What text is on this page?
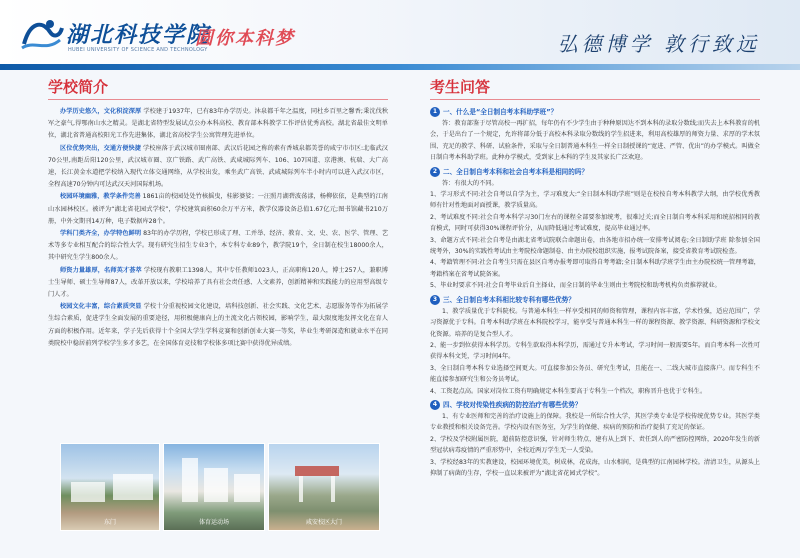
湖北科技学院
HUBEI UNIVERSITY OF SCIENCE AND TECHNOLOGY
圆你本科梦	弘德博学 敦行致远
学校简介

办学历史悠久，文化积淀深厚 学校建于1937年，已有83年办学历史。沐泉都千年之温度，同杜乡百里之馨香;秉沈伐秋军之豪气,得鄂南山水之精灵。是湖北省特型发展试点公办本科高校、教育部本科教学工作评估优秀高校。湖北省最佳文明单位，湖北省普通高校阳光工作先进集体，湖北省高校学生公寓管理先进单位。

区位优势突出，交通方便快捷 学校座落于武汉城市圈南部、武汉后花园之称的素有香城泉都美誉的咸宁市市区:北临武汉70公里,南距岳阳120公里，武汉城市圈、京广铁路、武广高铁、武咸城际列车、106、107国道、京港澳、杭瑞、大广高速，长江黄金水道把学校纳入现代立体交通网络，从学校出发，乘坐武广高铁、武咸城际列车半小时内可以进入武汉市区，全程高速70分钟内可达武汉天河国际机场。

校园环境幽雅，教学条件完善 1861亩的校园处处竹核摇曳，桂影婆娑；一汪照月湖碧波荡漾，杨柳依依，是典型的江南山水园林校区。被评为“湖北省花园式学校”，学校建筑面积60余万平方米，教学仪器设备总值1.67亿元;图书馆藏书210万册，中外文期刊14万种，电子数据库28个。

学科门类齐全，办学特色鲜明 83年的办学历程，学校已形成了理、工并举、经济、教育、文、史、农、医学、管理、艺术等多专业相互配合的综合性大学。现有研究生招生专业3个，本专科专业89个，教学院19个，全日制在校生18000余人，其中研究生学生800余人。

师资力量雄厚，名师英才荟萃 学校现有教职工1398人，其中专任教师1023人，正高职称120人，博士257人，兼职博士生导师、硕士生导师87人，改革开放以来，学校培养了具有社会责任感、人文素养，创新精神和实践能力的应用型高级专门人才。

校园文化丰富，综合素质突显 学校十分重视校园文化建设，培科技创新、社会实践、文化艺术、志愿服务等作为拓展学生综合素质，促进学生全面发展的重要途径，用积极健康向上的主流文化占领校园，影响学生，最大限度地发挥文化在育人方面的积极作用。近年来，学子先后获得十个全国大学生学科竞赛和创新创业大赛一等奖，毕业生考研深造和就业水平在同类院校中稳居前列学校学生多才多艺，在全国体育竞技和学校体多项比赛中获得优异成绩。

东门	体育运动场	咸安校区大门
考生问答
1 一、什么是“全日制自考本科助学班”？
答：教育部鉴于尽管高校一再扩招，每年仍有不少学生由于种种原因达不到本科的录取分数线;而失去上本科教育的机会，于是出台了一个规定，允许将部分低于高校本科录取分数线的学生招进来，利用高校雄厚的师资力量、求厚的学术氛围、充足的教学、科研、试验条件，采取与全日制普通本科生一样全日制授课的“宽进、严管、优出”的办学模式。叫做全日制自考本科助学班。此种办学模式，受到家上本科的学生及其家长广泛欢迎。
2 二、全日制自考本科和社会自考本科是相同的吗？
答：有很大的不同。
1、学习形式不同:社会自考以自学为主，学习难度大:“全日制本科助学班”则是在校按自考本科教学大纲，由学校优秀教师有针对性地面对面授课，教学质量高。
2、考试难度不同:社会自考本科学习30门左右的课程全部要参加统考，很难过关;而全日制自考本科采用和统招相同的教育模式，同时可获得30%课程评价分，从而降低通过考试难度，提高毕业通过率。
3、命题方式不同:社会自考是由湖北省考试院联合命题出卷，由各地市招办统一安排考试阅卷;全日制助学班 除参加全国统考外，30%的实践性考试由主考院校命题制卷、由主办院校组织实施，报考试院备案，接受省教育考试院检查。
4、考籍管理不同:社会自考生只需在县区自考办报考即可取得自考考籍;全日制本科助学班学生由主办院校统一管理考籍，考籍档案在省考试院备案。
5、毕业时要求不同:社会自考毕业后自主择业，而全日制的毕业生则由主考院校和助考机构负责推荐就业。
3 三、全日制自考本科相比较专科有哪些优势？
1、教学质量优于专科院校。与普通本科生一样享受相同的师资和管理，课程内容丰富，学术性强，适应范围广，学习资源优于专科。自考本科助学班在本科院校学习，能享受与普通本科生一样的课程资源、教学资源、科研资源和学校文化资源。培养的是复合型人才。
2、能一步到位获得本科学历。专科生欲取得本科学历，需通过专升本考试，学习时间一般需要5年。而自考本科一次性可获得本科文凭，学习时间4年。
3、全日制自考本科专业选择空间更大。可直接参加公务员、研究生考试，且能在一、二线大城市直接落户。而专科生不能直接参加研究生和公务员考试。
4、工资起点高。国家对岗位工资有明确规定本科生要高于专科生一个档次，职称晋升也优于专科生。
4 四、学校对传染性疾病的防控治疗有哪些优势？
1、有专业医师和完善的治疗设施上的保障。我校是一所综合性大学，其医学类专业是学校传统优势专业。其医学类专业教授和相关设备完善。学校内设有医务室，为学生的保健、疾病的预防和治疗提供了充足的保证。
2、学校及学校附属医院，超前防控意识强，针对师生特点，建有从上到下、责任到人的严密防控网络，2020年发生的新型冠状病毒疫情的严重形势中，全校近两万学生无一人受染。
3、学校经83年的实教建设，校园环境优美，树成林，花成海，山水相间，是典型的江南园林学校。清清卫生，从源头上抑制了病菌的生存，学校一直以来被评为“湖北省花园式学校”。
